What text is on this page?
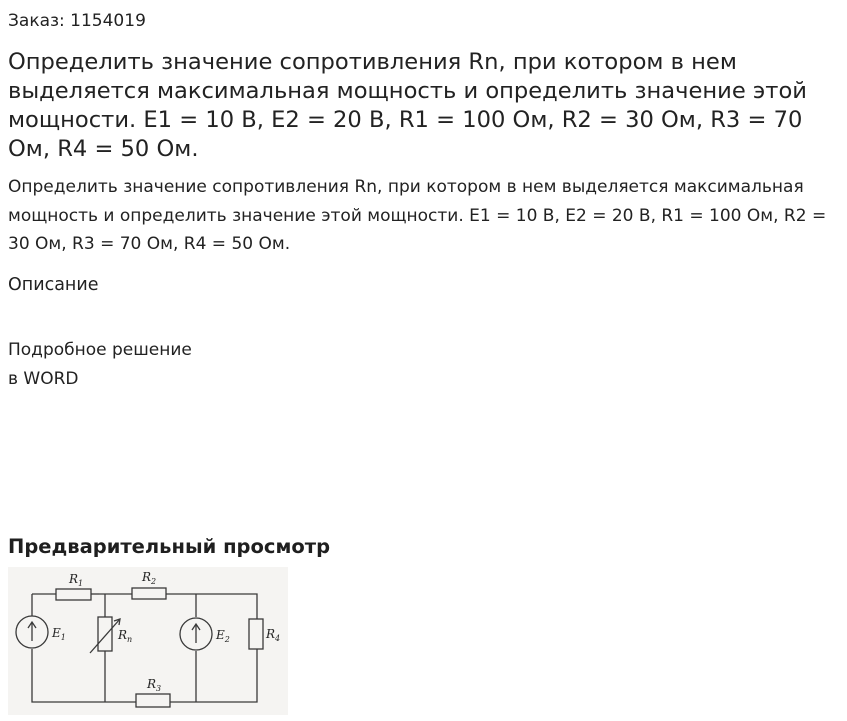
Заказ: 1154019
Определить значение сопротивления Rn, при котором в нем выделяется максимальная мощность и определить значение этой мощности. E1 = 10 В, E2 = 20 В, R1 = 100 Ом, R2 = 30 Ом, R3 = 70 Ом, R4 = 50 Ом.

Определить значение сопротивления Rn, при котором в нем выделяется максимальная мощность и определить значение этой мощности. E1 = 10 В, E2 = 20 В, R1 = 100 Ом, R2 = 30 Ом, R3 = 70 Ом, R4 = 50 Ом.

Описание
Подробное решение
в WORD
Предварительный просмотр
$R_1$	$R_2$
$R_3$
$R_4$
$R_n$
$E_1$	$E_2$
